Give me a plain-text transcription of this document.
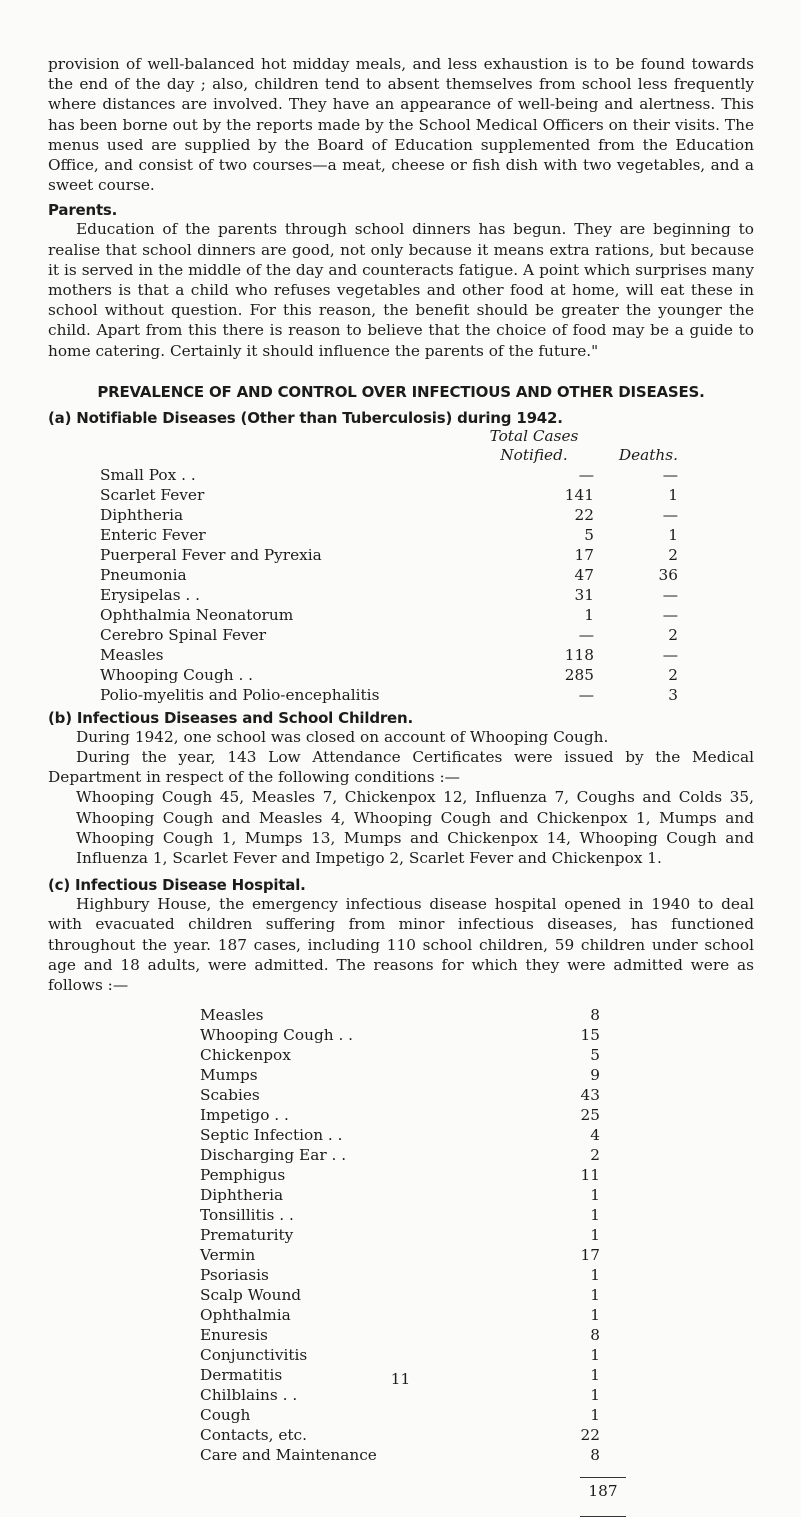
provision of well-balanced hot midday meals, and less exhaustion is to be found towards the end of the day ; also, children tend to absent themselves from school less frequently where distances are involved. They have an appearance of well-being and alertness. This has been borne out by the reports made by the School Medical Officers on their visits. The menus used are supplied by the Board of Education supplemented from the Education Office, and consist of two courses—a meat, cheese or fish dish with two vegetables, and a sweet course.

Parents.

Education of the parents through school dinners has begun. They are beginning to realise that school dinners are good, not only because it means extra rations, but because it is served in the middle of the day and counteracts fatigue. A point which surprises many mothers is that a child who refuses vegetables and other food at home, will eat these in school without question. For this reason, the benefit should be greater the younger the child. Apart from this there is reason to believe that the choice of food may be a guide to home catering. Certainly it should influence the parents of the future."

PREVALENCE OF AND CONTROL OVER INFECTIOUS AND OTHER DISEASES.
(a) Notifiable Diseases (Other than Tuberculosis) during 1942.

	Total Cases
Notified.	Deaths.
Small Pox . .	—	—
Scarlet Fever	141	1
Diphtheria	22	—
Enteric Fever	5	1
Puerperal Fever and Pyrexia	17	2
Pneumonia	47	36
Erysipelas . .	31	—
Ophthalmia Neonatorum	1	—
Cerebro Spinal Fever	—	2
Measles	118	—
Whooping Cough . .	285	2
Polio-myelitis and Polio-encephalitis	—	3
(b) Infectious Diseases and School Children.

During 1942, one school was closed on account of Whooping Cough.

During the year, 143 Low Attendance Certificates were issued by the Medical Department in respect of the following conditions :—

Whooping Cough 45, Measles 7, Chickenpox 12, Influenza 7, Coughs and Colds 35, Whooping Cough and Measles 4, Whooping Cough and Chickenpox 1, Mumps and Whooping Cough 1, Mumps 13, Mumps and Chickenpox 14, Whooping Cough and Influenza 1, Scarlet Fever and Impetigo 2, Scarlet Fever and Chickenpox 1.

(c) Infectious Disease Hospital.

Highbury House, the emergency infectious disease hospital opened in 1940 to deal with evacuated children suffering from minor infectious diseases, has functioned throughout the year. 187 cases, including 110 school children, 59 children under school age and 18 adults, were admitted. The reasons for which they were admitted were as follows :—

Measles	8
Whooping Cough . .	15
Chickenpox	5
Mumps	9
Scabies	43
Impetigo . .	25
Septic Infection . .	4
Discharging Ear . .	2
Pemphigus	11
Diphtheria	1
Tonsillitis . .	1
Prematurity	1
Vermin	17
Psoriasis	1
Scalp Wound	1
Ophthalmia	1
Enuresis	8
Conjunctivitis	1
Dermatitis	1
Chilblains . .	1
Cough	1
Contacts, etc.	22
Care and Maintenance	8
187
11
